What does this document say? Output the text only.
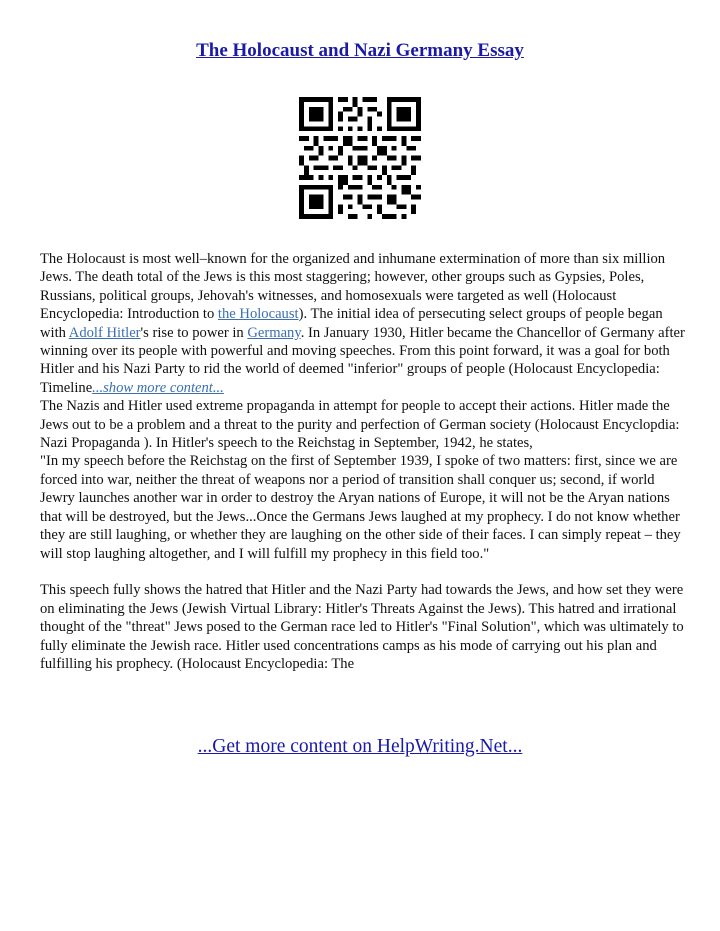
The Holocaust and Nazi Germany Essay

The Holocaust is most well–known for the organized and inhumane extermination of more than six million Jews. The death total of the Jews is this most staggering; however, other groups such as Gypsies, Poles, Russians, political groups, Jehovah's witnesses, and homosexuals were targeted as well (Holocaust Encyclopedia: Introduction to the Holocaust). The initial idea of persecuting select groups of people began with Adolf Hitler's rise to power in Germany. In January 1930, Hitler became the Chancellor of Germany after winning over its people with powerful and moving speeches. From this point forward, it was a goal for both Hitler and his Nazi Party to rid the world of deemed "inferior" groups of people (Holocaust Encyclopedia: Timeline...show more content...

The Nazis and Hitler used extreme propaganda in attempt for people to accept their actions. Hitler made the Jews out to be a problem and a threat to the purity and perfection of German society (Holocaust Encyclopdia: Nazi Propaganda ). In Hitler's speech to the Reichstag in September, 1942, he states,

"In my speech before the Reichstag on the first of September 1939, I spoke of two matters: first, since we are forced into war, neither the threat of weapons nor a period of transition shall conquer us; second, if world Jewry launches another war in order to destroy the Aryan nations of Europe, it will not be the Aryan nations that will be destroyed, but the Jews...Once the Germans Jews laughed at my prophecy. I do not know whether they are still laughing, or whether they are laughing on the other side of their faces. I can simply repeat – they will stop laughing altogether, and I will fulfill my prophecy in this field too."

This speech fully shows the hatred that Hitler and the Nazi Party had towards the Jews, and how set they were on eliminating the Jews (Jewish Virtual Library: Hitler's Threats Against the Jews). This hatred and irrational thought of the "threat" Jews posed to the German race led to Hitler's "Final Solution", which was ultimately to fully eliminate the Jewish race. Hitler used concentrations camps as his mode of carrying out his plan and fulfilling his prophecy. (Holocaust Encyclopedia: The

...Get more content on HelpWriting.Net...
